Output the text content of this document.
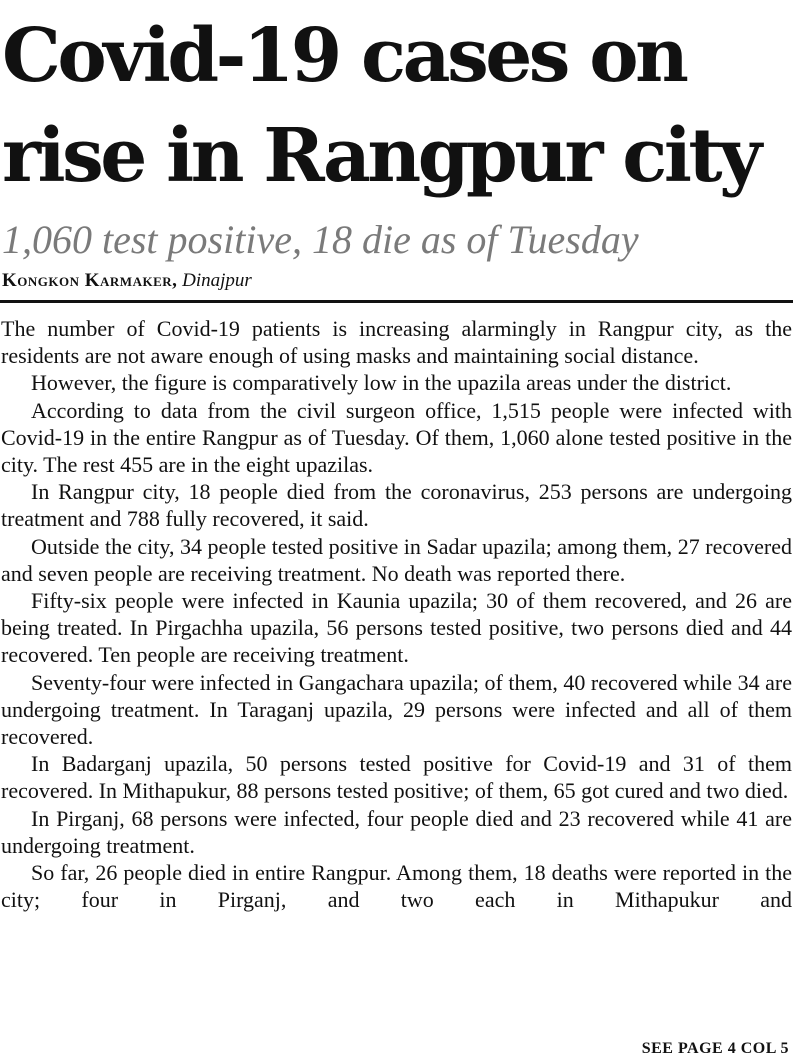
Covid-19 cases on
rise in Rangpur city
1,060 test positive, 18 die as of Tuesday
Kongkon Karmaker, Dinajpur

The number of Covid-19 patients is increasing alarmingly in Rangpur city, as the residents are not aware enough of using masks and maintaining social distance.

However, the figure is comparatively low in the upazila areas under the district.

According to data from the civil surgeon office, 1,515 people were infected with Covid-19 in the entire Rangpur as of Tuesday. Of them, 1,060 alone tested positive in the city. The rest 455 are in the eight upazilas.

In Rangpur city, 18 people died from the coronavirus, 253 persons are undergoing treatment and 788 fully recovered, it said.

Outside the city, 34 people tested positive in Sadar upazila; among them, 27 recovered and seven people are receiving treatment. No death was reported there.

Fifty-six people were infected in Kaunia upazila; 30 of them recovered, and 26 are being treated. In Pirgachha upazila, 56 persons tested positive, two persons died and 44 recovered. Ten people are receiving treatment.

Seventy-four were infected in Gangachara upazila; of them, 40 recovered while 34 are undergoing treatment. In Taraganj upazila, 29 persons were infected and all of them recovered.

In Badarganj upazila, 50 persons tested positive for Covid-19 and 31 of them recovered. In Mithapukur, 88 persons tested positive; of them, 65 got cured and two died.

In Pirganj, 68 persons were infected, four people died and 23 recovered while 41 are undergoing treatment.

So far, 26 people died in entire Rangpur. Among them, 18 deaths were reported in the city; four in Pirganj, and two each in Mithapukur and

SEE PAGE 4 COL 5
